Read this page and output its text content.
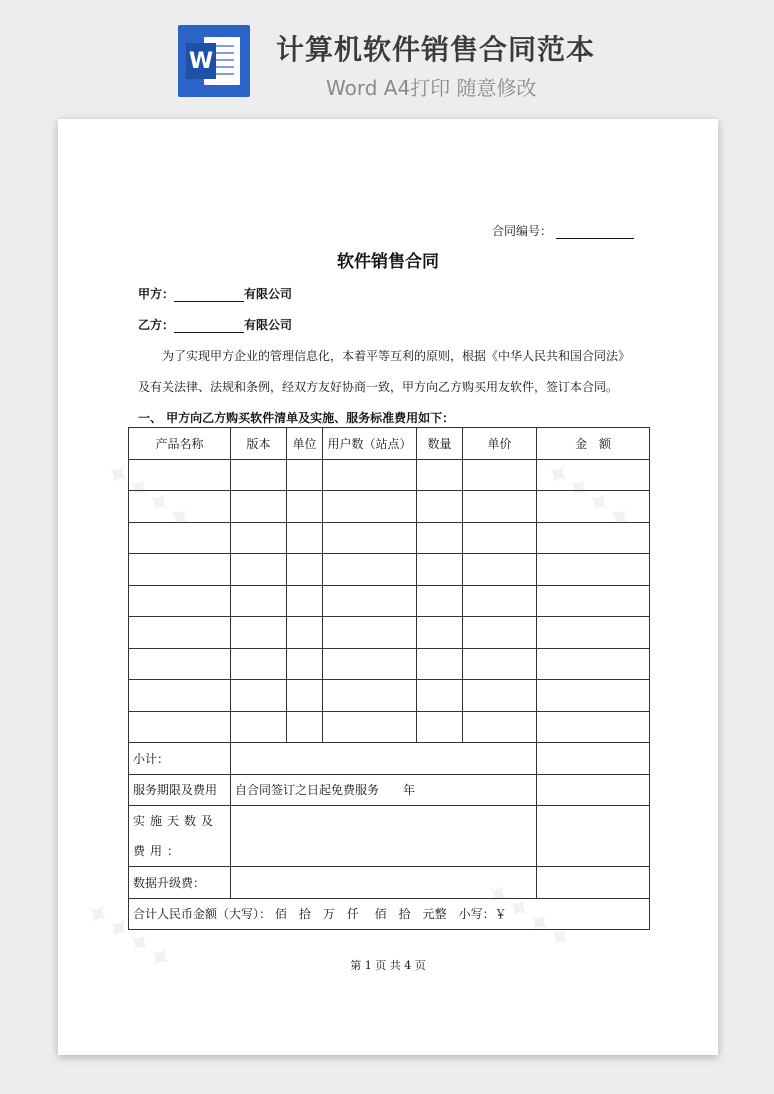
W 计算机软件销售合同范本
Word A4打印 随意修改
✦✦✦✦	✦✦✦✦
✦✦✦✦	✦✦✦✦
合同编号：
软件销售合同
甲方：	有限公司
乙方：	有限公司
为了实现甲方企业的管理信息化，本着平等互利的原则，根据《中华人民共和国合同法》
及有关法律、法规和条例，经双方友好协商一致，甲方向乙方购买用友软件，签订本合同。
一、 甲方向乙方购买软件清单及实施、服务标准费用如下：
产品名称	版本	单位	用户数（站点）	数量	单价	金　额

小计：						
服务期限及费用	自合同签订之日起免费服务　　年					
实施天数及费用：						
数据升级费：						
合计人民币金额（大写）： 佰　拾　万　仟　 佰　拾　元整　小写：￥						
第 1 页 共 4 页
